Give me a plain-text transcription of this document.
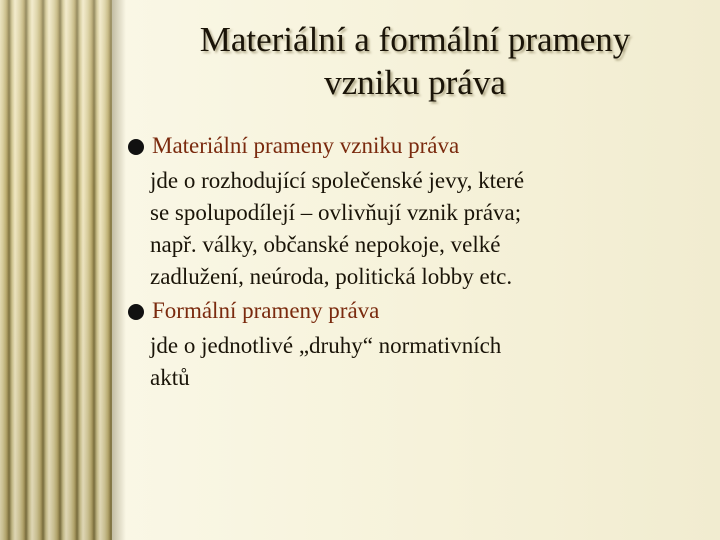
Materiální a formální prameny
vzniku práva
Materiální prameny vzniku práva
jde o rozhodující společenské jevy, které
se spolupodílejí – ovlivňují vznik práva;
např. války, občanské nepokoje, velké
zadlužení, neúroda, politická lobby etc.
Formální prameny práva
jde o jednotlivé „druhy“ normativních
aktů
